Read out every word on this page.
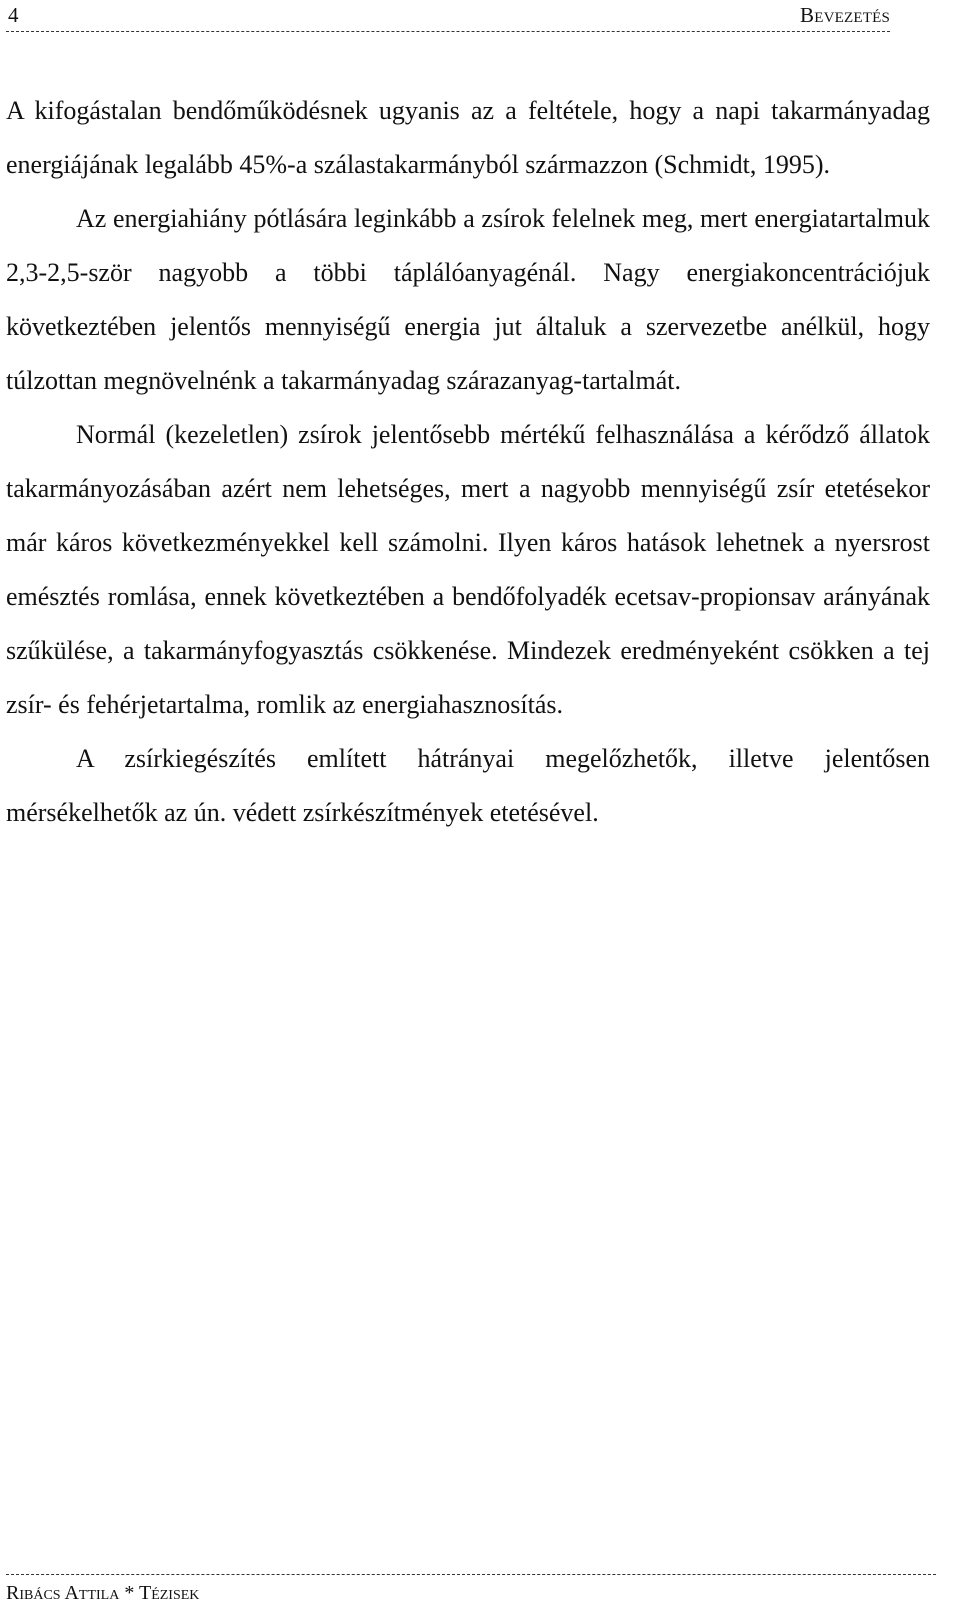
4	Bevezetés

A kifogástalan bendőműködésnek ugyanis az a feltétele, hogy a napi takarmányadag energiájának legalább 45%-a szálastakarmányból származzon (Schmidt, 1995).

Az energiahiány pótlására leginkább a zsírok felelnek meg, mert energiatartalmuk 2,3-2,5-ször nagyobb a többi táplálóanyagénál. Nagy energiakoncentrációjuk következtében jelentős mennyiségű energia jut általuk a szervezetbe anélkül, hogy túlzottan megnövelnénk a takarmányadag szárazanyag-tartalmát.

Normál (kezeletlen) zsírok jelentősebb mértékű felhasználása a kérődző állatok takarmányozásában azért nem lehetséges, mert a nagyobb mennyiségű zsír etetésekor már káros következményekkel kell számolni. Ilyen káros hatások lehetnek a nyersrost emésztés romlása, ennek következtében a bendőfolyadék ecetsav-propionsav arányának szűkülése, a takarmányfogyasztás csökkenése. Mindezek eredményeként csökken a tej zsír- és fehérjetartalma, romlik az energiahasznosítás.

A zsírkiegészítés említett hátrányai megelőzhetők, illetve jelentősen mérsékelhetők az ún. védett zsírkészítmények etetésével.

Ribács Attila * Tézisek
